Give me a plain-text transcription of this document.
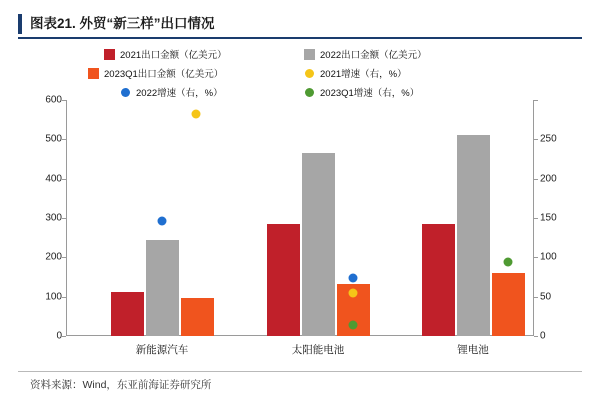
图表21. 外贸“新三样”出口情况
2021出口金额（亿美元）	2022出口金额（亿美元）
2023Q1出口金额（亿美元）	2021增速（右，%）
2022增速（右，%）	2023Q1增速（右，%）
0
100
200
300
400
500
600
0
50
100
150
200
250
新能源汽车	太阳能电池	锂电池
资料来源：Wind，东亚前海证券研究所
